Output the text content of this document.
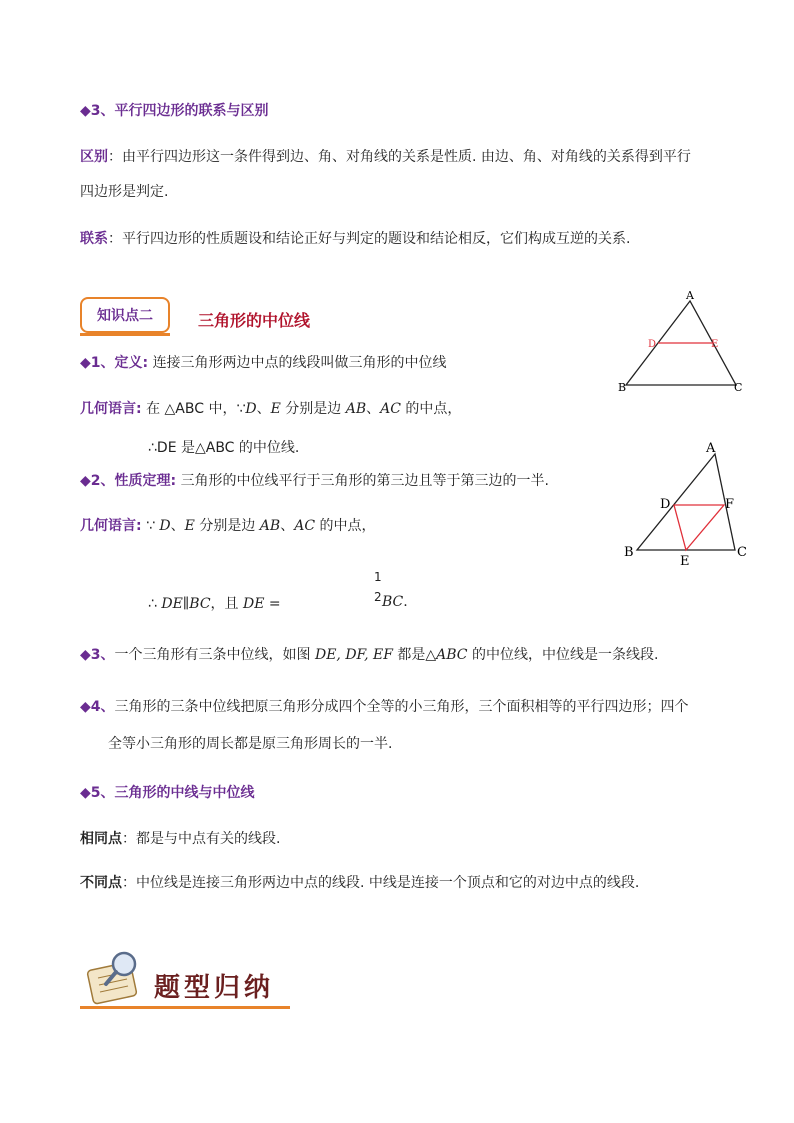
◆3、平行四边形的联系与区别
区别：由平行四边形这一条件得到边、角、对角线的关系是性质. 由边、角、对角线的关系得到平行
四边形是判定.
联系：平行四边形的性质题设和结论正好与判定的题设和结论相反，它们构成互逆的关系.
知识点二	三角形的中位线
◆1、定义: 连接三角形两边中点的线段叫做三角形的中位线
几何语言: 在 △ABC 中，∵D、E 分别是边 AB、AC 的中点，
∴DE 是△ABC 的中位线.
◆2、性质定理: 三角形的中位线平行于三角形的第三边且等于第三边的一半.
几何语言: ∵ D、E 分别是边 AB、AC 的中点，
∴ DE∥BC，且 DE =
1
2 BC.
◆3、一个三角形有三条中位线，如图 DE, DF, EF 都是△ABC 的中位线，中位线是一条线段.
◆4、三角形的三条中位线把原三角形分成四个全等的小三角形，三个面积相等的平行四边形；四个
全等小三角形的周长都是原三角形周长的一半.
◆5、三角形的中线与中位线
相同点：都是与中点有关的线段.
不同点：中位线是连接三角形两边中点的线段. 中线是连接一个顶点和它的对边中点的线段.
A
B	C
D	E
A
B	C
D	F
E
题型归纳
